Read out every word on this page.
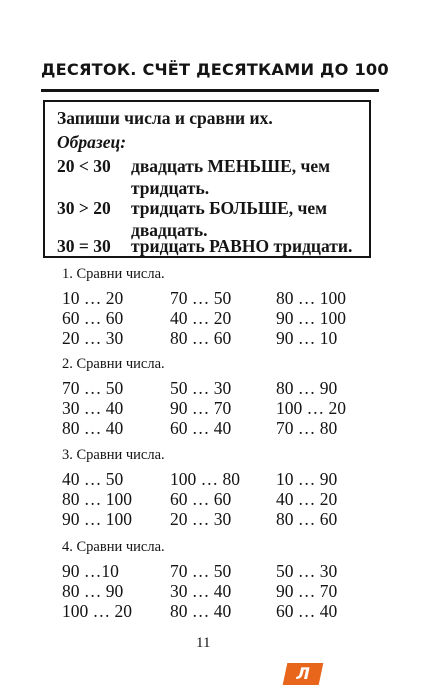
ДЕСЯТОК. СЧЁТ ДЕСЯТКАМИ ДО 100
Запиши числа и сравни их.
Образец:
20 < 30 двадцать МЕНЬШЕ, чем
тридцать.
30 > 20 тридцать БОЛЬШЕ, чем
двадцать.
30 = 30 тридцать РАВНО тридцати.
1. Сравни числа.
10 … 20	70 … 50	80 … 100
60 … 60	40 … 20	90 … 100
20 … 30	80 … 60	90 … 10
2. Сравни числа.
70 … 50	50 … 30	80 … 90
30 … 40	90 … 70	100 … 20
80 … 40	60 … 40	70 … 80
3. Сравни числа.
40 … 50	100 … 80 10 … 90
80 … 100 60 … 60	40 … 20
90 … 100 20 … 30	80 … 60
4. Сравни числа.
90 …10	70 … 50	50 … 30
80 … 90	30 … 40	90 … 70
100 … 20 80 … 40	60 … 40
11
Л
